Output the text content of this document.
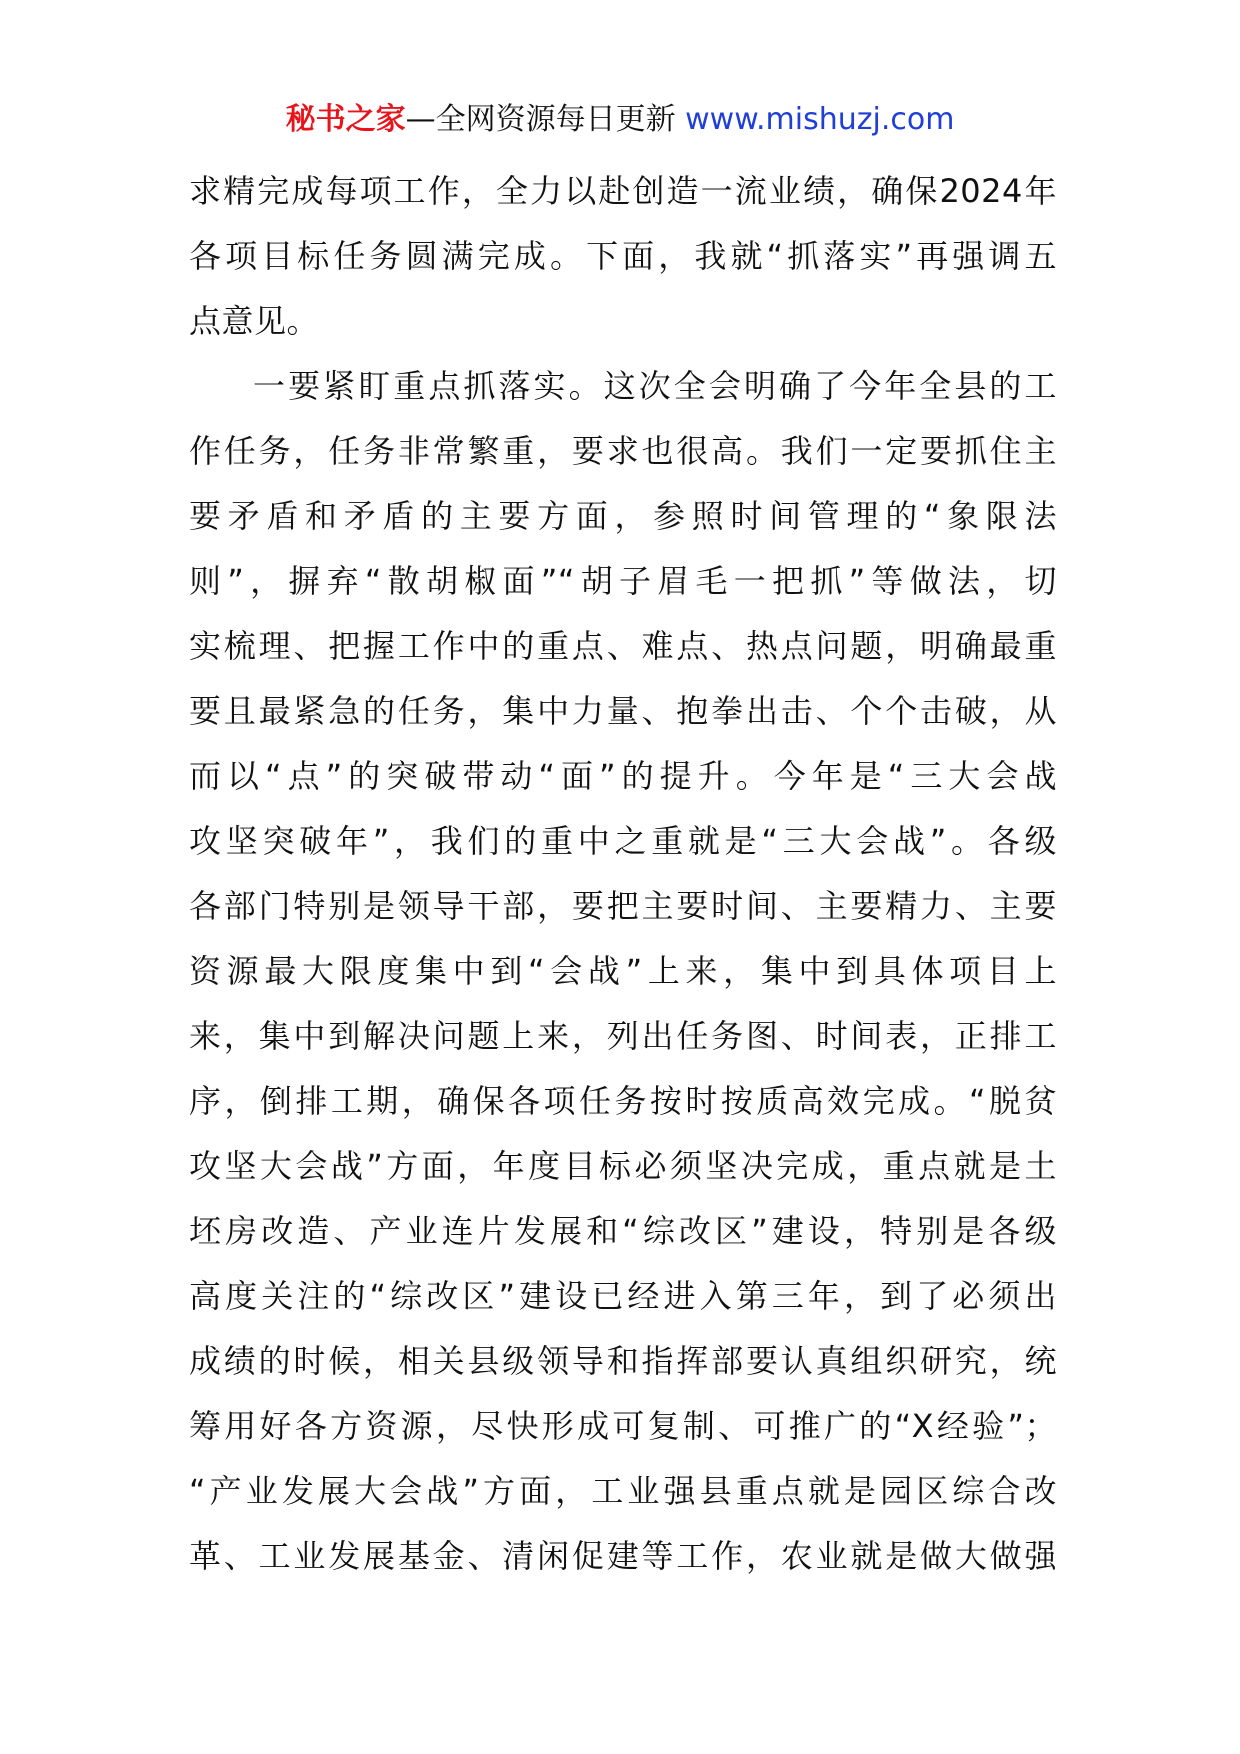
秘书之家—全网资源每日更新 www.mishuzj.com
求精完成每项工作，全力以赴创造一流业绩，确保2024年
各项目标任务圆满完成。下面，我就“抓落实”再强调五
点意见。
一要紧盯重点抓落实。这次全会明确了今年全县的工
作任务，任务非常繁重，要求也很高。我们一定要抓住主
要矛盾和矛盾的主要方面，参照时间管理的“象限法
则”，摒弃“散胡椒面”“胡子眉毛一把抓”等做法，切
实梳理、把握工作中的重点、难点、热点问题，明确最重
要且最紧急的任务，集中力量、抱拳出击、个个击破，从
而以“点”的突破带动“面”的提升。今年是“三大会战
攻坚突破年”，我们的重中之重就是“三大会战”。各级
各部门特别是领导干部，要把主要时间、主要精力、主要
资源最大限度集中到“会战”上来，集中到具体项目上
来，集中到解决问题上来，列出任务图、时间表，正排工
序，倒排工期，确保各项任务按时按质高效完成。“脱贫
攻坚大会战”方面，年度目标必须坚决完成，重点就是土
坯房改造、产业连片发展和“综改区”建设，特别是各级
高度关注的“综改区”建设已经进入第三年，到了必须出
成绩的时候，相关县级领导和指挥部要认真组织研究，统
筹用好各方资源，尽快形成可复制、可推广的“X经验”；
“产业发展大会战”方面，工业强县重点就是园区综合改
革、工业发展基金、清闲促建等工作，农业就是做大做强
